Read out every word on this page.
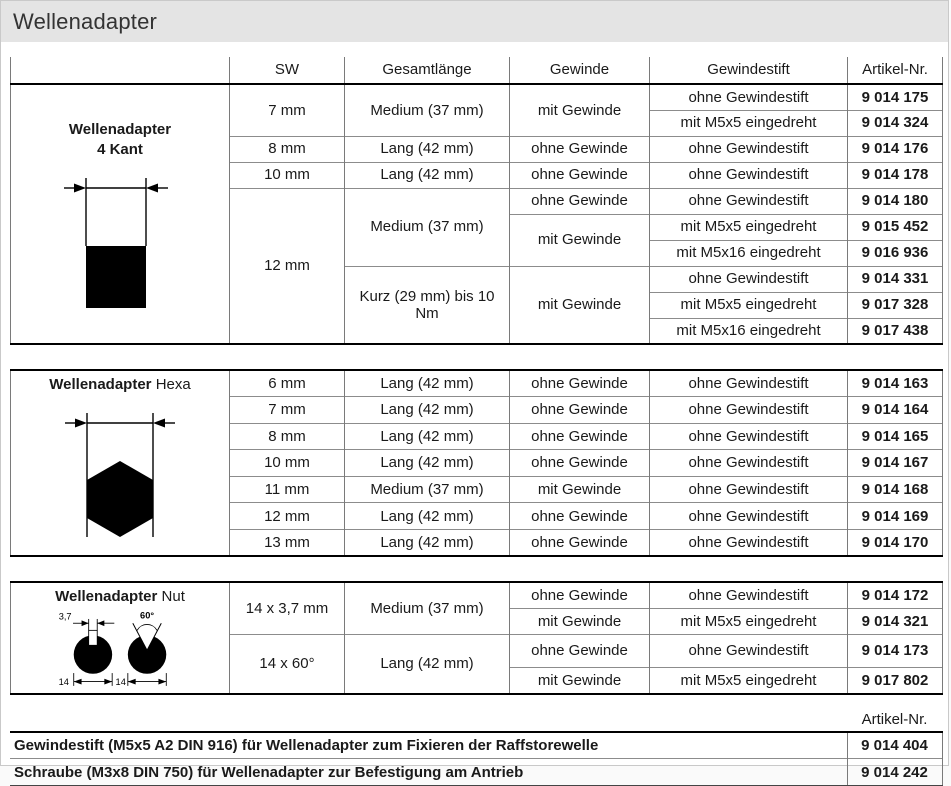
Wellenadapter
	SW	Gesamtlänge	Gewinde	Gewindestift	Artikel-Nr.

Wellenadapter
4 Kant	7 mm	Medium (37 mm)	mit Gewinde	ohne Gewindestift	9 014 175
				mit M5x5 eingedreht	9 014 324
	8 mm	Lang (42 mm)	ohne Gewinde	ohne Gewindestift	9 014 176
	10 mm	Lang (42 mm)	ohne Gewinde	ohne Gewindestift	9 014 178
	12 mm	Medium (37 mm)	ohne Gewinde	ohne Gewindestift	9 014 180
			mit Gewinde	mit M5x5 eingedreht	9 015 452
				mit M5x16 eingedreht	9 016 936
		Kurz (29 mm) bis 10 Nm	mit Gewinde	ohne Gewindestift	9 014 331
				mit M5x5 eingedreht	9 017 328
				mit M5x16 eingedreht	9 017 438

Wellenadapter Hexa	6 mm	Lang (42 mm)	ohne Gewinde	ohne Gewindestift	9 014 163
	7 mm	Lang (42 mm)	ohne Gewinde	ohne Gewindestift	9 014 164
	8 mm	Lang (42 mm)	ohne Gewinde	ohne Gewindestift	9 014 165
	10 mm	Lang (42 mm)	ohne Gewinde	ohne Gewindestift	9 014 167
	11 mm	Medium (37 mm)	mit Gewinde	ohne Gewindestift	9 014 168
	12 mm	Lang (42 mm)	ohne Gewinde	ohne Gewindestift	9 014 169
	13 mm	Lang (42 mm)	ohne Gewinde	ohne Gewindestift	9 014 170

Wellenadapter Nut
3,7 60°
14 14	14 x 3,7 mm	Medium (37 mm)	ohne Gewinde	ohne Gewindestift	9 014 172
			mit Gewinde	mit M5x5 eingedreht	9 014 321
	14 x 60°	Lang (42 mm)	ohne Gewinde	ohne Gewindestift	9 014 173
			mit Gewinde	mit M5x5 eingedreht	9 017 802
	Artikel-Nr.
Gewindestift (M5x5 A2 DIN 916) für Wellenadapter zum Fixieren der Raffstorewelle	9 014 404
Schraube (M3x8 DIN 750) für Wellenadapter zur Befestigung am Antrieb	9 014 242
